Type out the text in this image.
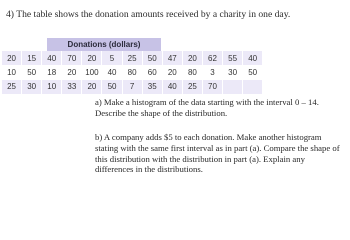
4) The table shows the donation amounts received by a charity in one day.
Donations (dollars)
20	15	40	70	20	5	25	50	47	20	62	55	40
10	50	18	20	100	40	80	60	20	80	3	30	50
25	30	10	33	20	50	7	35	40	25	70		
a) Make a histogram of the data starting with the interval 0 – 14. Describe the shape of the distribution.
b) A company adds $5 to each donation. Make another histogram stating with the same first interval as in part (a). Compare the shape of this distribution with the distribution in part (a). Explain any differences in the distributions.
